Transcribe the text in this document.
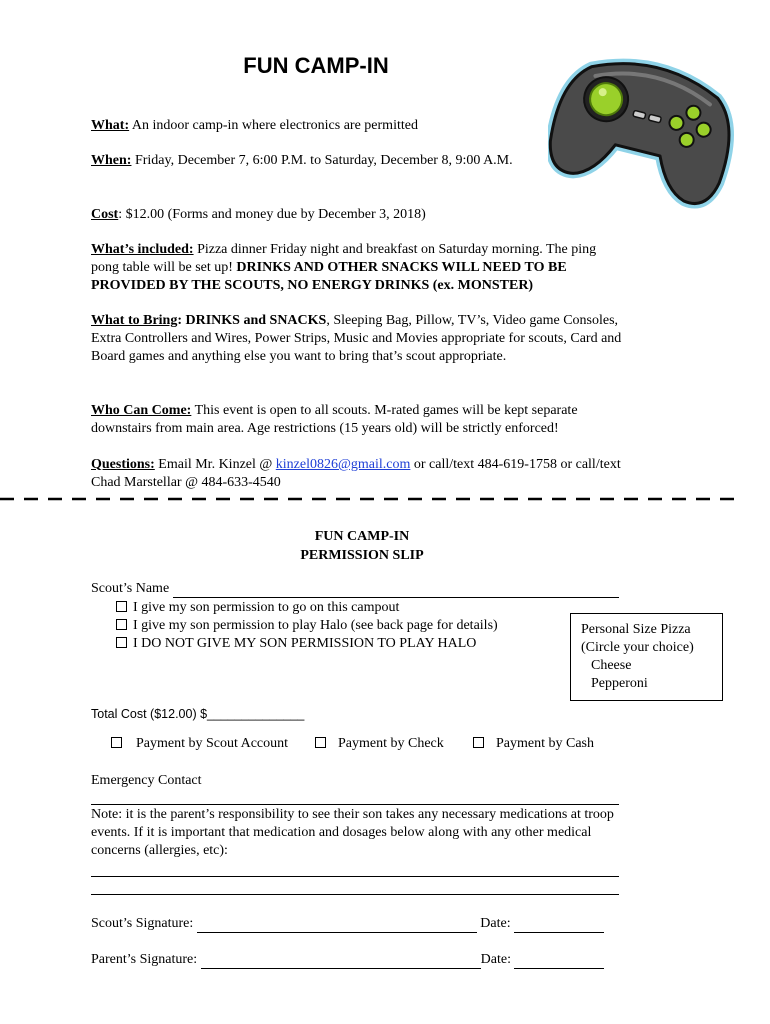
FUN CAMP-IN
What: An indoor camp-in where electronics are permitted
When: Friday, December 7, 6:00 P.M. to Saturday, December 8, 9:00 A.M.
Cost: $12.00 (Forms and money due by December 3, 2018)
What’s included: Pizza dinner Friday night and breakfast on Saturday morning. The ping pong table will be set up! DRINKS AND OTHER SNACKS WILL NEED TO BE PROVIDED BY THE SCOUTS, NO ENERGY DRINKS (ex. MONSTER)
What to Bring: DRINKS and SNACKS, Sleeping Bag, Pillow, TV’s, Video game Consoles, Extra Controllers and Wires, Power Strips, Music and Movies appropriate for scouts, Card and Board games and anything else you want to bring that’s scout appropriate.
Who Can Come: This event is open to all scouts. M-rated games will be kept separate downstairs from main area. Age restrictions (15 years old) will be strictly enforced!
Questions: Email Mr. Kinzel @ kinzel0826@gmail.com or call/text 484-619-1758 or call/text Chad Marstellar @ 484-633-4540
FUN CAMP-IN
PERMISSION SLIP
Scout’s Name
I give my son permission to go on this campout
I give my son permission to play Halo (see back page for details)
I DO NOT GIVE MY SON PERMISSION TO PLAY HALO
Personal Size Pizza
(Circle your choice)
Cheese
Pepperoni
Total Cost ($12.00) $______________
Payment by Scout Account	Payment by Check	Payment by Cash
Emergency Contact
Note: it is the parent’s responsibility to see their son takes any necessary medications at troop events. If it is important that medication and dosages below along with any other medical concerns (allergies, etc):
Scout’s Signature:	Date:
Parent’s Signature:	Date:
